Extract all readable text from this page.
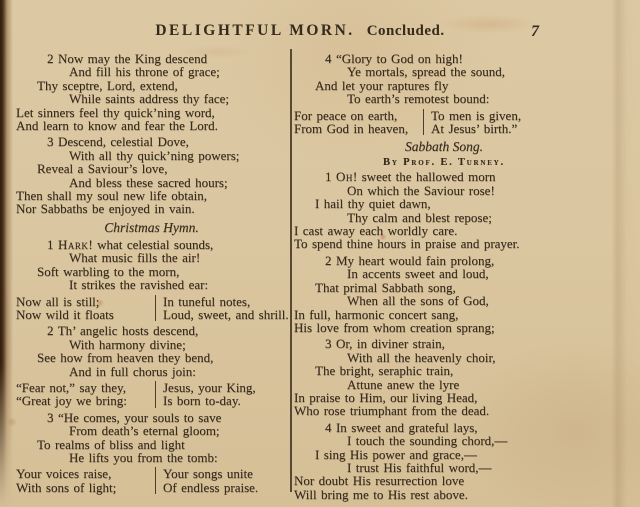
DELIGHTFUL MORN. Concluded.	7
2 Now may the King descend
And fill his throne of grace;
Thy sceptre, Lord, extend,
While saints address thy face;
Let sinners feel thy quick’ning word,
And learn to know and fear the Lord.
3 Descend, celestial Dove,
With all thy quick’ning powers;
Reveal a Saviour’s love,
And bless these sacred hours;
Then shall my soul new life obtain,
Nor Sabbaths be enjoyed in vain.
Christmas Hymn.
1 Hark! what celestial sounds,
What music fills the air!
Soft warbling to the morn,
It strikes the ravished ear:
Now all is still;
Now wild it floats
In tuneful notes,
Loud, sweet, and shrill.
2 Th’ angelic hosts descend,
With harmony divine;
See how from heaven they bend,
And in full chorus join:
“Fear not,” say they,
“Great joy we bring:
Jesus, your King,
Is born to-day.
3 “He comes, your souls to save
From death’s eternal gloom;
To realms of bliss and light
He lifts you from the tomb:
Your voices raise,
With sons of light;
Your songs unite
Of endless praise.
4 “Glory to God on high!
Ye mortals, spread the sound,
And let your raptures fly
To earth’s remotest bound:
For peace on earth,
From God in heaven,
To men is given,
At Jesus’ birth.”
Sabbath Song.
By Prof. E. Turney.
1 Oh! sweet the hallowed morn
On which the Saviour rose!
I hail thy quiet dawn,
Thy calm and blest repose;
I cast away each worldly care.
To spend thine hours in praise and prayer.
2 My heart would fain prolong,
In accents sweet and loud,
That primal Sabbath song,
When all the sons of God,
In full, harmonic concert sang,
His love from whom creation sprang;
3 Or, in diviner strain,
With all the heavenly choir,
The bright, seraphic train,
Attune anew the lyre
In praise to Him, our living Head,
Who rose triumphant from the dead.
4 In sweet and grateful lays,
I touch the sounding chord,—
I sing His power and grace,—
I trust His faithful word,—
Nor doubt His resurrection love
Will bring me to His rest above.
